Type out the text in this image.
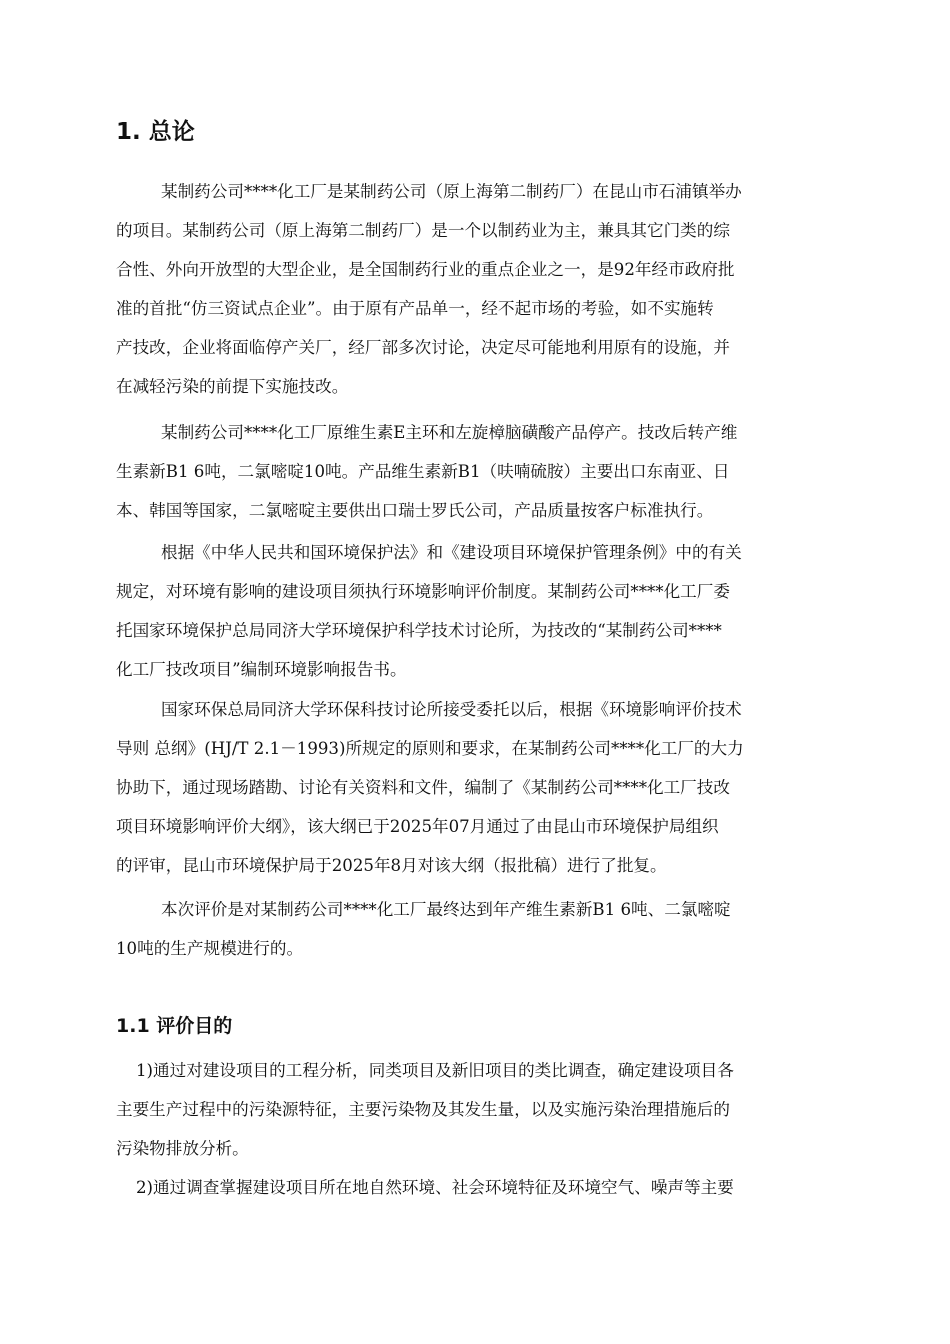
1. 总论
某制药公司****化工厂是某制药公司（原上海第二制药厂）在昆山市石浦镇举办
的项目。某制药公司（原上海第二制药厂）是一个以制药业为主，兼具其它门类的综
合性、外向开放型的大型企业，是全国制药行业的重点企业之一，是92年经市政府批
准的首批“仿三资试点企业”。由于原有产品单一，经不起市场的考验，如不实施转
产技改，企业将面临停产关厂，经厂部多次讨论，决定尽可能地利用原有的设施，并
在减轻污染的前提下实施技改。
某制药公司****化工厂原维生素E主环和左旋樟脑磺酸产品停产。技改后转产维
生素新B1 6吨，二氯嘧啶10吨。产品维生素新B1（呋喃硫胺）主要出口东南亚、日
本、韩国等国家，二氯嘧啶主要供出口瑞士罗氏公司，产品质量按客户标准执行。
根据《中华人民共和国环境保护法》和《建设项目环境保护管理条例》中的有关
规定，对环境有影响的建设项目须执行环境影响评价制度。某制药公司****化工厂委
托国家环境保护总局同济大学环境保护科学技术讨论所，为技改的“某制药公司****
化工厂技改项目”编制环境影响报告书。
国家环保总局同济大学环保科技讨论所接受委托以后，根据《环境影响评价技术
导则 总纲》(HJ/T 2.1－1993)所规定的原则和要求，在某制药公司****化工厂的大力
协助下，通过现场踏勘、讨论有关资料和文件，编制了《某制药公司****化工厂技改
项目环境影响评价大纲》，该大纲已于2025年07月通过了由昆山市环境保护局组织
的评审，昆山市环境保护局于2025年8月对该大纲（报批稿）进行了批复。
本次评价是对某制药公司****化工厂最终达到年产维生素新B1 6吨、二氯嘧啶
10吨的生产规模进行的。
1.1 评价目的
1)通过对建设项目的工程分析，同类项目及新旧项目的类比调查，确定建设项目各
主要生产过程中的污染源特征，主要污染物及其发生量，以及实施污染治理措施后的
污染物排放分析。
2)通过调查掌握建设项目所在地自然环境、社会环境特征及环境空气、噪声等主要
